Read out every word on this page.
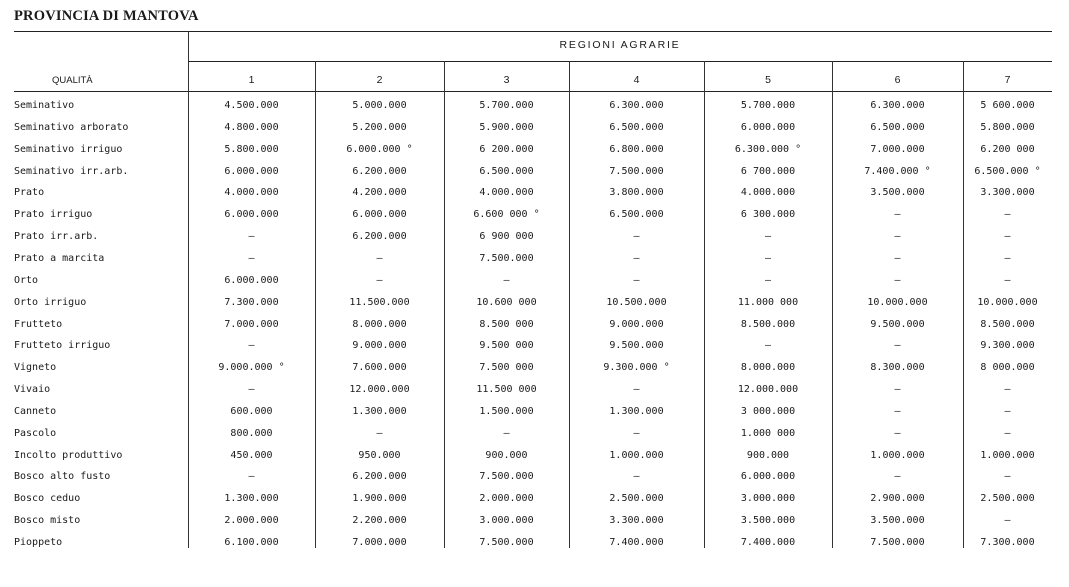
PROVINCIA DI MANTOVA
REGIONI AGRARIE
QUALITÀ	1	2	3	4	5	6	7
Seminativo	4.500.000	5.000.000	5.700.000	6.300.000	5.700.000	6.300.000	5 600.000
Seminativo arborato	4.800.000	5.200.000	5.900.000	6.500.000	6.000.000	6.500.000	5.800.000
Seminativo irriguo	5.800.000	6.000.000 °	6 200.000	6.800.000	6.300.000 °	7.000.000	6.200 000
Seminativo irr.arb.	6.000.000	6.200.000	6.500.000	7.500.000	6 700.000	7.400.000 °	6.500.000 °
Prato	4.000.000	4.200.000	4.000.000	3.800.000	4.000.000	3.500.000	3.300.000
Prato irriguo	6.000.000	6.000.000	6.600 000 °	6.500.000	6 300.000	–	–
Prato irr.arb.	–	6.200.000	6 900 000	–	–	–	–
Prato a marcita	–	–	7.500.000	–	–	–	–
Orto	6.000.000	–	–	–	–	–	–
Orto irriguo	7.300.000	11.500.000	10.600 000	10.500.000	11.000 000	10.000.000	10.000.000
Frutteto	7.000.000	8.000.000	8.500 000	9.000.000	8.500.000	9.500.000	8.500.000
Frutteto irriguo	–	9.000.000	9.500 000	9.500.000	–	–	9.300.000
Vigneto	9.000.000 °	7.600.000	7.500 000	9.300.000 °	8.000.000	8.300.000	8 000.000
Vivaio	–	12.000.000	11.500 000	–	12.000.000	–	–
Canneto	600.000	1.300.000	1.500.000	1.300.000	3 000.000	–	–
Pascolo	800.000	–	–	–	1.000 000	–	–
Incolto produttivo	450.000	950.000	900.000	1.000.000	900.000	1.000.000	1.000.000
Bosco alto fusto	–	6.200.000	7.500.000	–	6.000.000	–	–
Bosco ceduo	1.300.000	1.900.000	2.000.000	2.500.000	3.000.000	2.900.000	2.500.000
Bosco misto	2.000.000	2.200.000	3.000.000	3.300.000	3.500.000	3.500.000	–
Pioppeto	6.100.000	7.000.000	7.500.000	7.400.000	7.400.000	7.500.000	7.300.000
